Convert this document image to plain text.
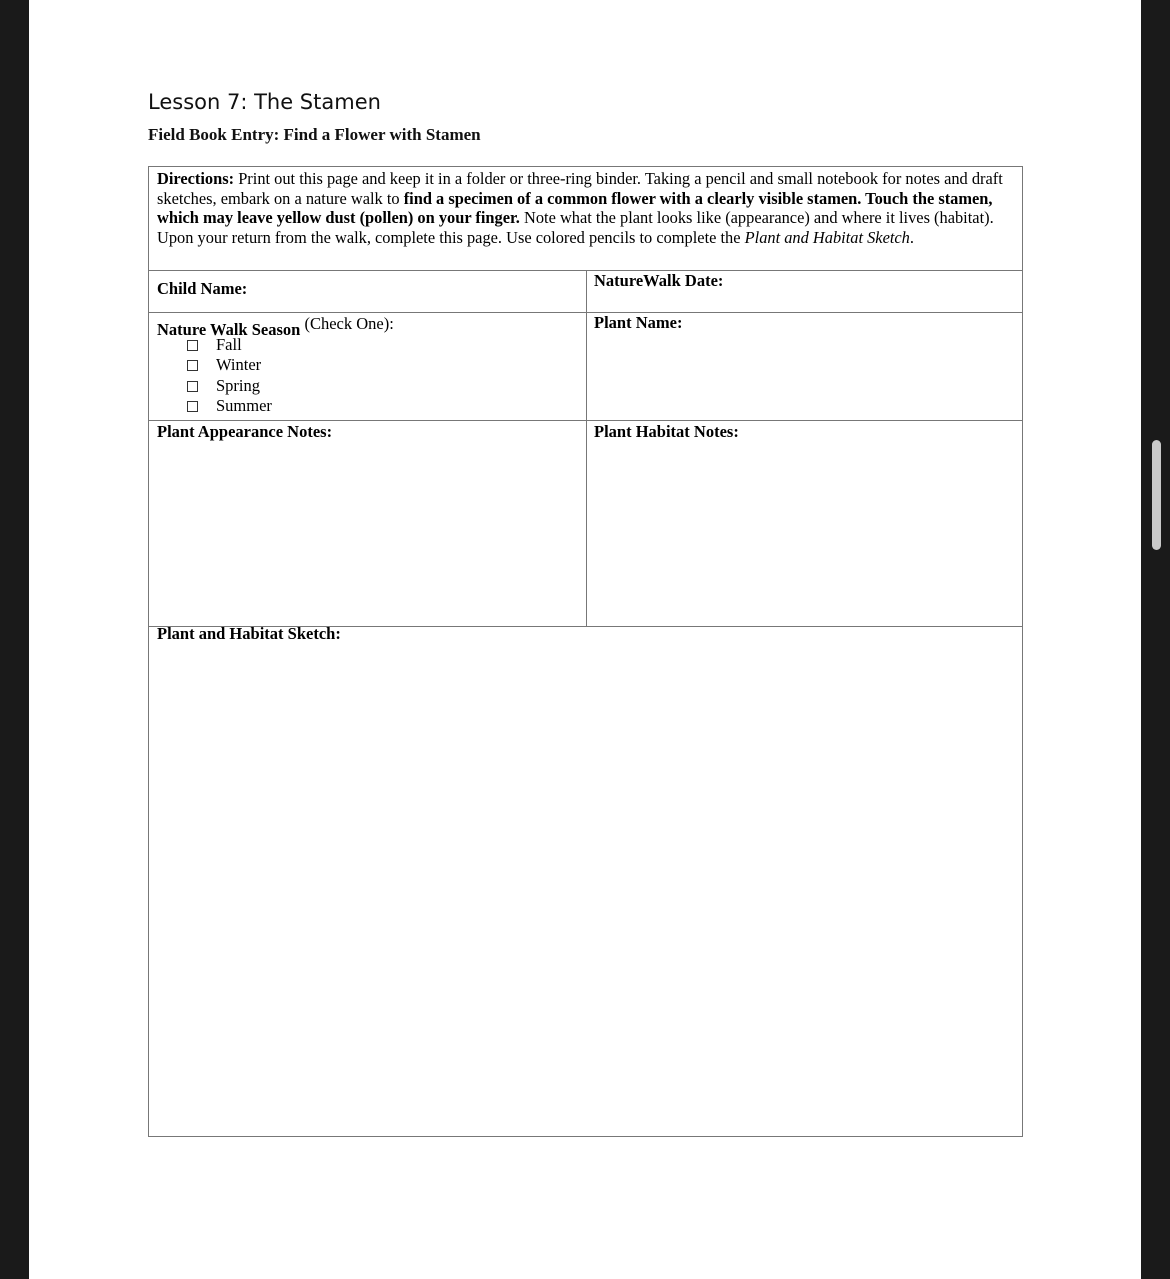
Lesson 7: The Stamen
Field Book Entry: Find a Flower with Stamen
Directions: Print out this page and keep it in a folder or three-ring binder. Taking a pencil and small notebook for notes and draft sketches, embark on a nature walk to find a specimen of a common flower with a clearly visible stamen. Touch the stamen, which may leave yellow dust (pollen) on your finger. Note what the plant looks like (appearance) and where it lives (habitat). Upon your return from the walk, complete this page. Use colored pencils to complete the Plant and Habitat Sketch.
Child Name:	NatureWalk Date:
Nature Walk Season (Check One):	Plant Name:
Fall
Winter
Spring
Summer
Plant Appearance Notes:	Plant Habitat Notes:
Plant and Habitat Sketch:
